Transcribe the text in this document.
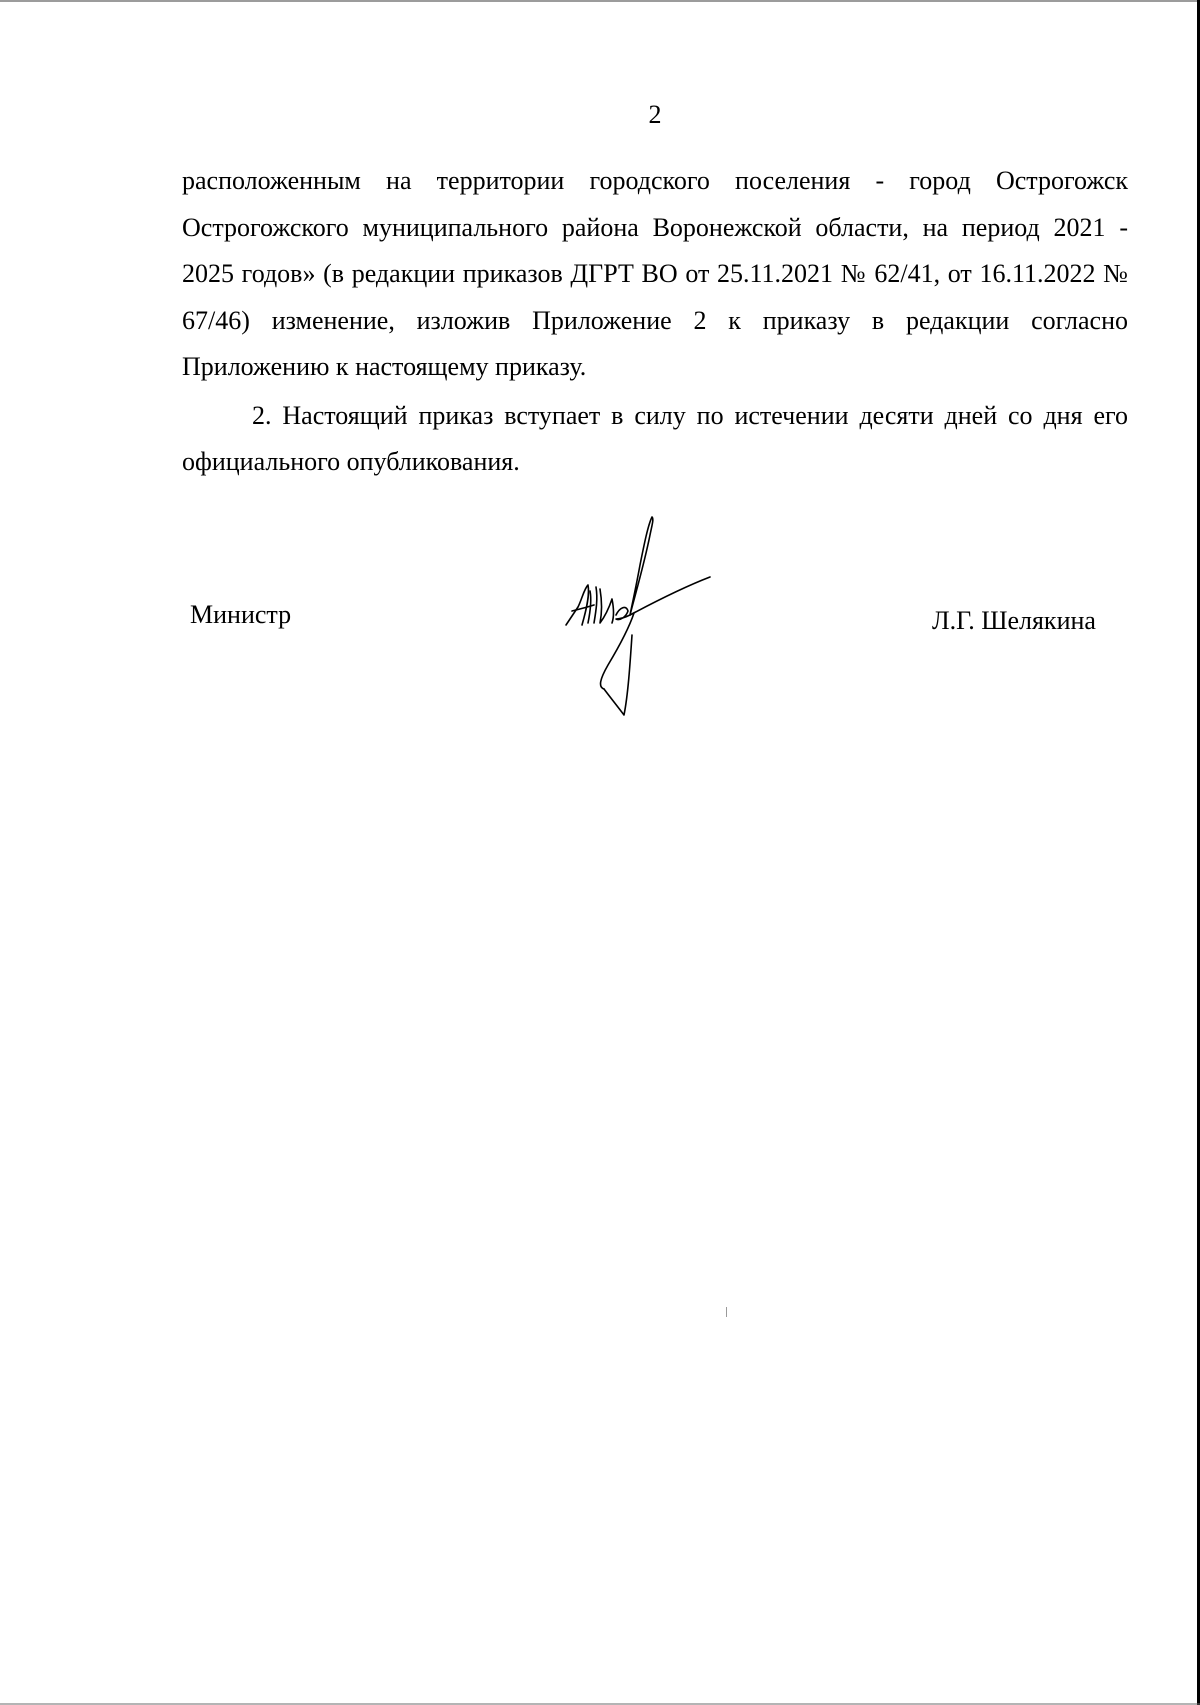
2

расположенным на территории городского поселения - город Острогожск Острогожского муниципального района Воронежской области, на период 2021 - 2025 годов» (в редакции приказов ДГРТ ВО от 25.11.2021 № 62/41, от 16.11.2022 № 67/46) изменение, изложив Приложение 2 к приказу в редакции согласно Приложению к настоящему приказу.

2. Настоящий приказ вступает в силу по истечении десяти дней со дня его официального опубликования.

Министр	Л.Г. Шелякина
